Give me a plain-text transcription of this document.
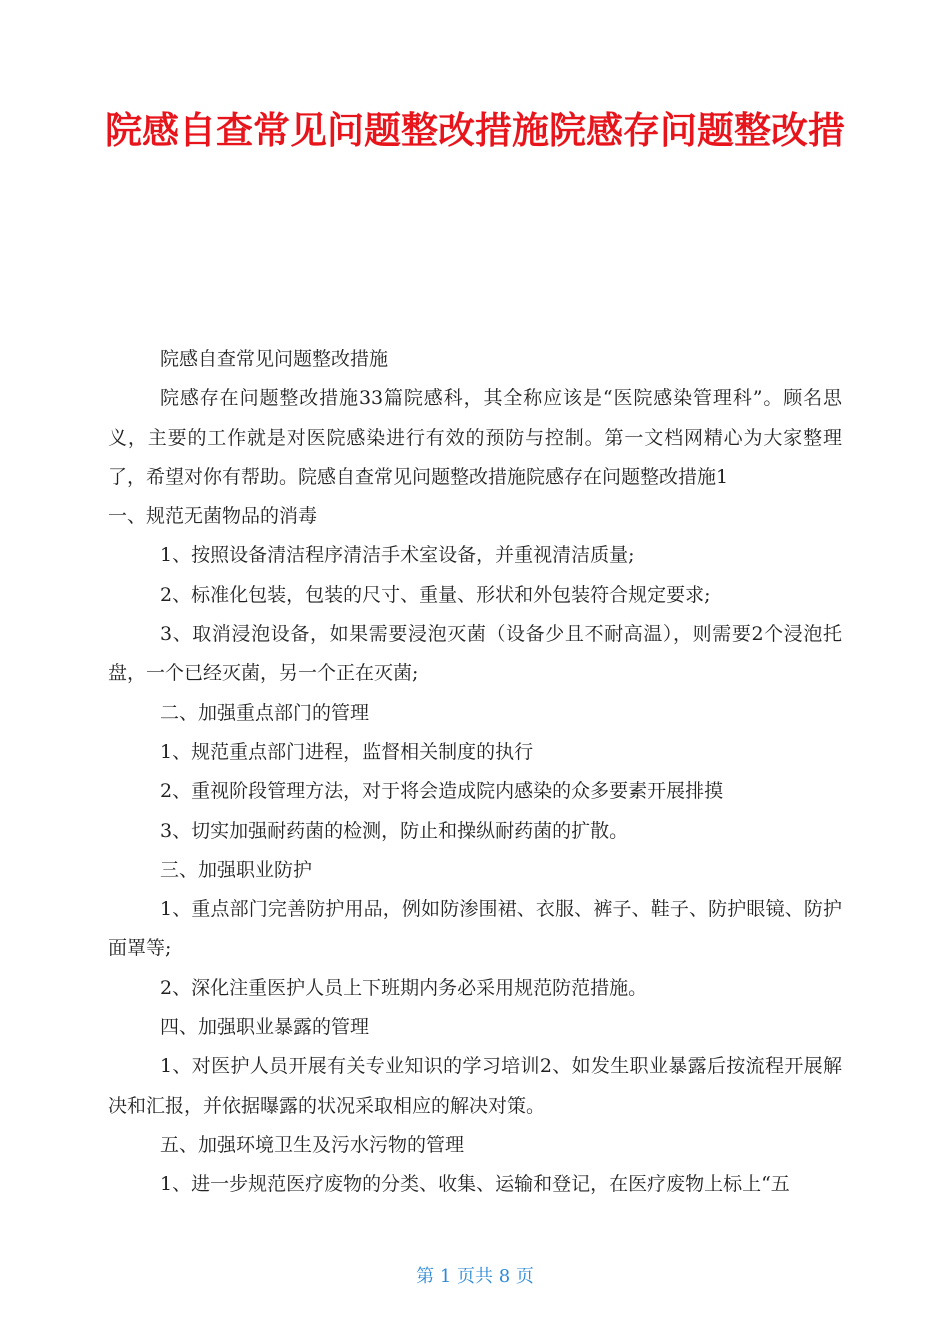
院感自查常见问题整改措施院感存问题整改措

院感自查常见问题整改措施

院感存在问题整改措施33篇院感科，其全称应该是“医院感染管理科”。顾名思义，主要的工作就是对医院感染进行有效的预防与控制。第一文档网精心为大家整理了，希望对你有帮助。院感自查常见问题整改措施院感存在问题整改措施1

一、规范无菌物品的消毒

1、按照设备清洁程序清洁手术室设备，并重视清洁质量;

2、标准化包装，包装的尺寸、重量、形状和外包装符合规定要求;

3、取消浸泡设备，如果需要浸泡灭菌（设备少且不耐高温），则需要2个浸泡托盘，一个已经灭菌，另一个正在灭菌;

二、加强重点部门的管理

1、规范重点部门进程，监督相关制度的执行

2、重视阶段管理方法，对于将会造成院内感染的众多要素开展排摸

3、切实加强耐药菌的检测，防止和操纵耐药菌的扩散。

三、加强职业防护

1、重点部门完善防护用品，例如防渗围裙、衣服、裤子、鞋子、防护眼镜、防护面罩等;

2、深化注重医护人员上下班期内务必采用规范防范措施。

四、加强职业暴露的管理

1、对医护人员开展有关专业知识的学习培训2、如发生职业暴露后按流程开展解决和汇报，并依据曝露的状况采取相应的解决对策。

五、加强环境卫生及污水污物的管理

1、进一步规范医疗废物的分类、收集、运输和登记，在医疗废物上标上“五

第 1 页共 8 页
